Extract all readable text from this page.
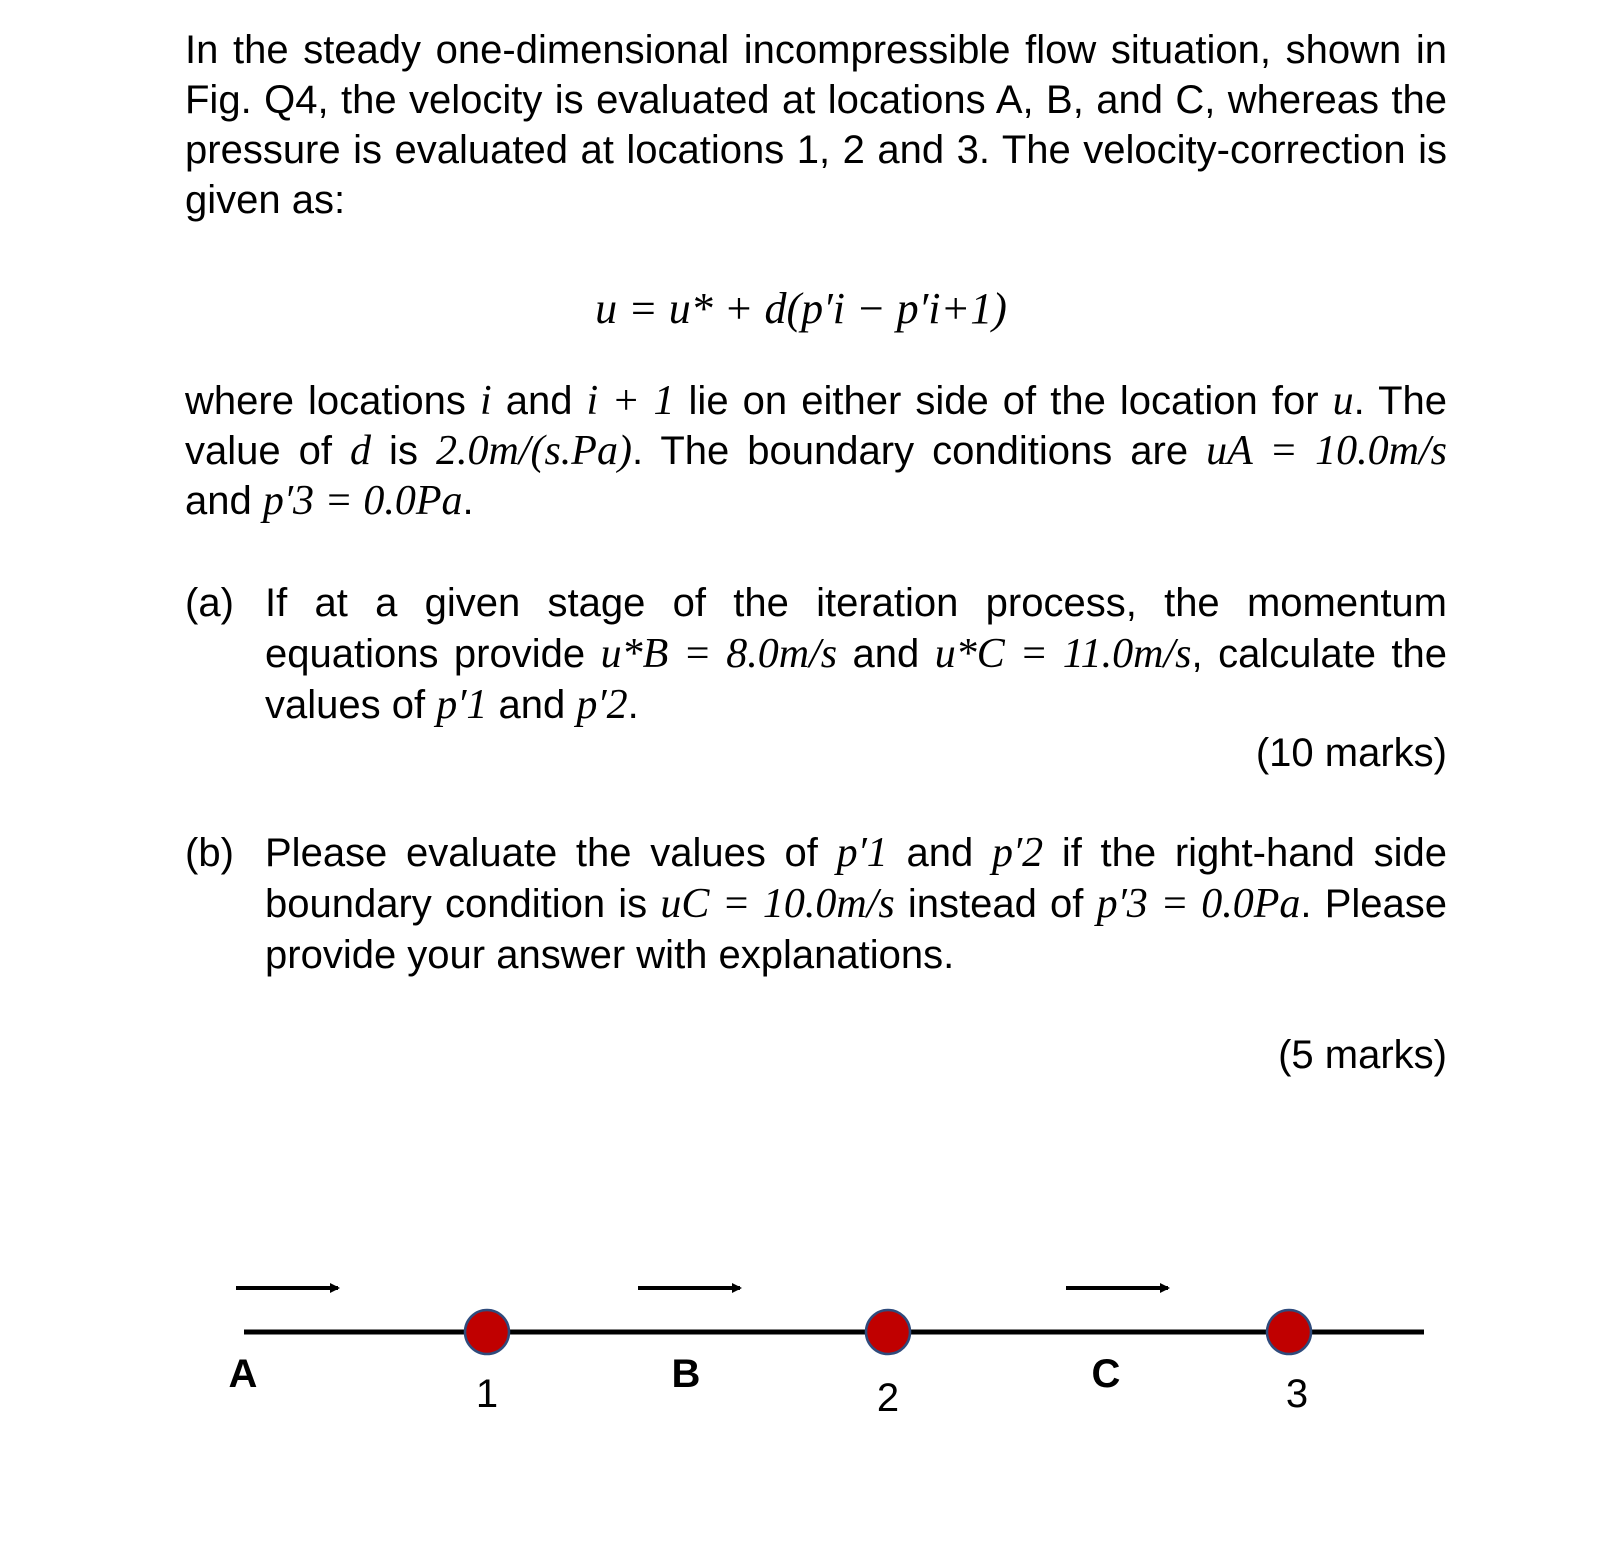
In the steady one-dimensional incompressible flow situation, shown in Fig. Q4, the velocity is evaluated at locations A, B, and C, whereas the pressure is evaluated at locations 1, 2 and 3. The velocity-correction is given as:
u = u* + d(p′i − p′i+1)
where locations i and i + 1 lie on either side of the location for u. The value of d is 2.0m/(s.Pa). The boundary conditions are uA = 10.0m/s and p′3 = 0.0Pa.
(a) If at a given stage of the iteration process, the momentum equations provide u*B = 8.0m/s and u*C = 11.0m/s, calculate the values of p′1 and p′2.
(10 marks)
(b) Please evaluate the values of p′1 and p′2 if the right-hand side boundary condition is uC = 10.0m/s instead of p′3 = 0.0Pa. Please provide your answer with explanations.
(5 marks)
A	B	C
1	2	3
